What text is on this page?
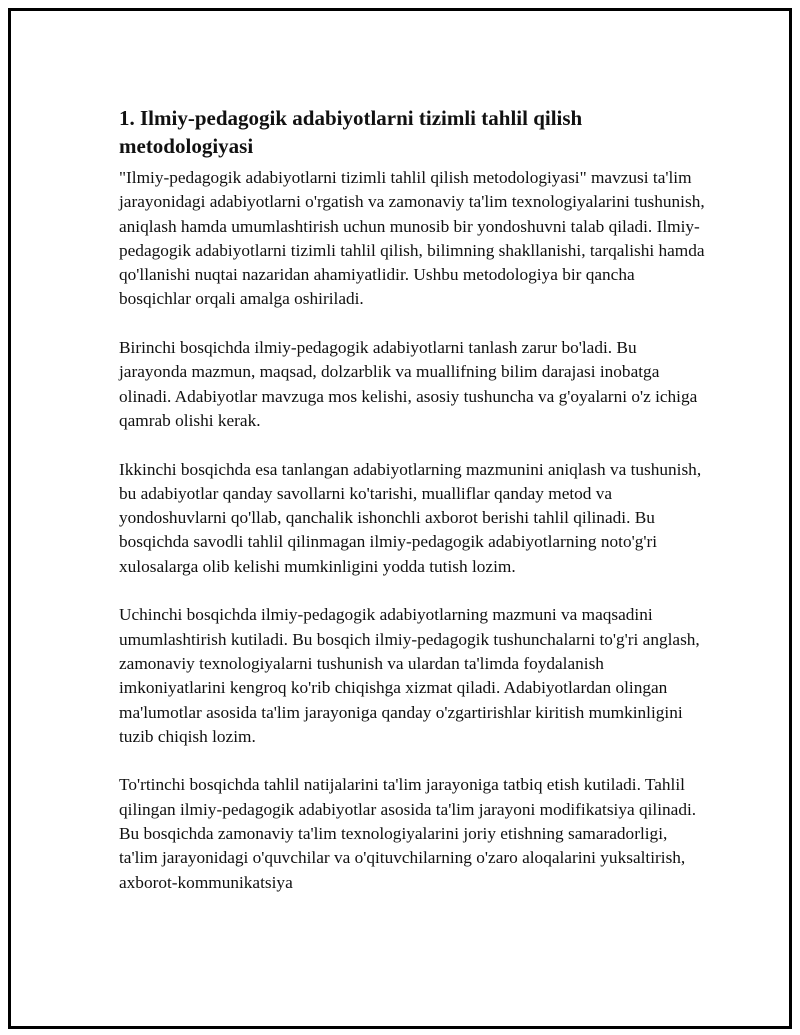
1. Ilmiy-pedagogik adabiyotlarni tizimli tahlil qilish metodologiyasi

"Ilmiy-pedagogik adabiyotlarni tizimli tahlil qilish metodologiyasi" mavzusi ta'lim jarayonidagi adabiyotlarni o'rgatish va zamonaviy ta'lim texnologiyalarini tushunish, aniqlash hamda umumlashtirish uchun munosib bir yondoshuvni talab qiladi. Ilmiy-pedagogik adabiyotlarni tizimli tahlil qilish, bilimning shakllanishi, tarqalishi hamda qo'llanishi nuqtai nazaridan ahamiyatlidir. Ushbu metodologiya bir qancha bosqichlar orqali amalga oshiriladi.

Birinchi bosqichda ilmiy-pedagogik adabiyotlarni tanlash zarur bo'ladi. Bu jarayonda mazmun, maqsad, dolzarblik va muallifning bilim darajasi inobatga olinadi. Adabiyotlar mavzuga mos kelishi, asosiy tushuncha va g'oyalarni o'z ichiga qamrab olishi kerak.

Ikkinchi bosqichda esa tanlangan adabiyotlarning mazmunini aniqlash va tushunish, bu adabiyotlar qanday savollarni ko'tarishi, mualliflar qanday metod va yondoshuvlarni qo'llab, qanchalik ishonchli axborot berishi tahlil qilinadi. Bu bosqichda savodli tahlil qilinmagan ilmiy-pedagogik adabiyotlarning noto'g'ri xulosalarga olib kelishi mumkinligini yodda tutish lozim.

Uchinchi bosqichda ilmiy-pedagogik adabiyotlarning mazmuni va maqsadini umumlashtirish kutiladi. Bu bosqich ilmiy-pedagogik tushunchalarni to'g'ri anglash, zamonaviy texnologiyalarni tushunish va ulardan ta'limda foydalanish imkoniyatlarini kengroq ko'rib chiqishga xizmat qiladi. Adabiyotlardan olingan ma'lumotlar asosida ta'lim jarayoniga qanday o'zgartirishlar kiritish mumkinligini tuzib chiqish lozim.

To'rtinchi bosqichda tahlil natijalarini ta'lim jarayoniga tatbiq etish kutiladi. Tahlil qilingan ilmiy-pedagogik adabiyotlar asosida ta'lim jarayoni modifikatsiya qilinadi. Bu bosqichda zamonaviy ta'lim texnologiyalarini joriy etishning samaradorligi, ta'lim jarayonidagi o'quvchilar va o'qituvchilarning o'zaro aloqalarini yuksaltirish, axborot-kommunikatsiya
